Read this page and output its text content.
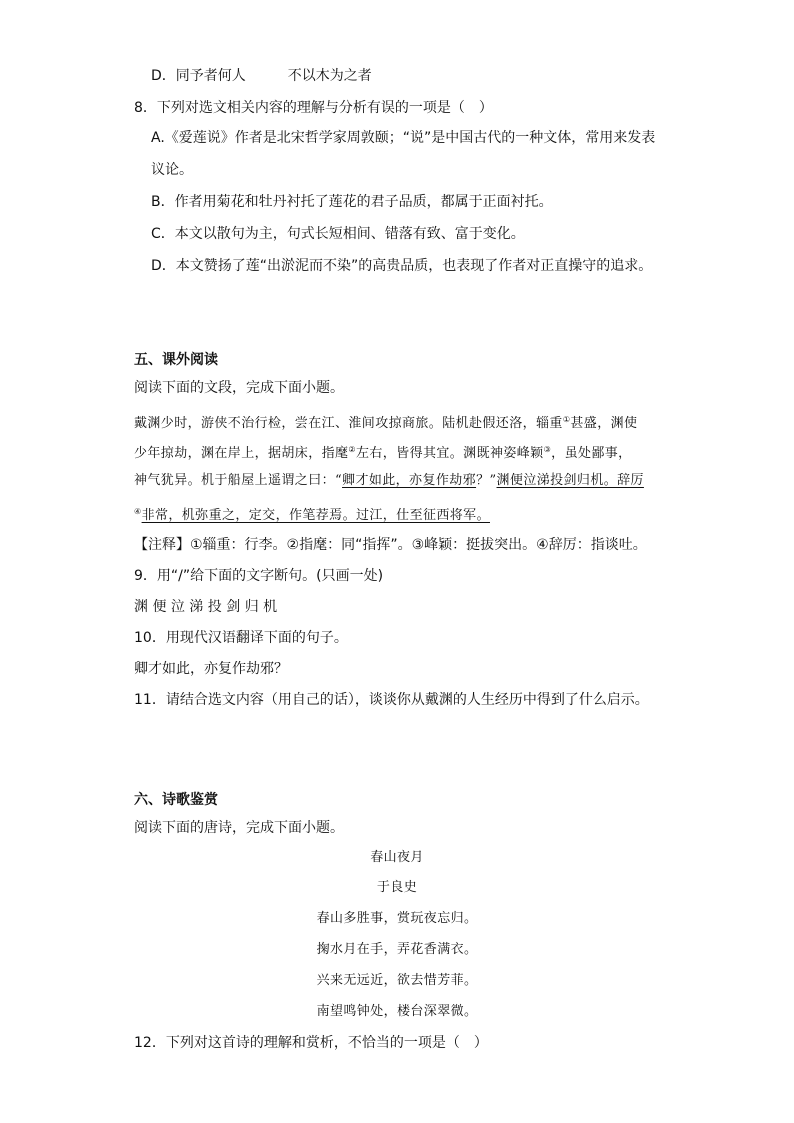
D．同予者何人	不以木为之者
8．下列对选文相关内容的理解与分析有误的一项是（　）
A.《爱莲说》作者是北宋哲学家周敦颐；“说”是中国古代的一种文体，常用来发表
议论。
B．作者用菊花和牡丹衬托了莲花的君子品质，都属于正面衬托。
C．本文以散句为主，句式长短相间、错落有致、富于变化。
D．本文赞扬了莲“出淤泥而不染”的高贵品质，也表现了作者对正直操守的追求。
五、课外阅读
阅读下面的文段，完成下面小题。
戴渊少时，游侠不治行检，尝在江、淮间攻掠商旅。陆机赴假还洛，辎重①甚盛，渊使
少年掠劫，渊在岸上，据胡床，指麾②左右，皆得其宜。渊既神姿峰颖③，虽处鄙事，
神气犹异。机于船屋上遥谓之曰：“卿才如此，亦复作劫邪？”渊便泣涕投剑归机。辞厉
④非常，机弥重之，定交，作笔荐焉。过江，仕至征西将军。
【注释】①辎重：行李。②指麾：同“指挥”。③峰颖：挺拔突出。④辞厉：指谈吐。
9．用“/”给下面的文字断句。(只画一处)
渊 便 泣 涕 投 剑 归 机
10．用现代汉语翻译下面的句子。
卿才如此，亦复作劫邪？
11．请结合选文内容（用自己的话），谈谈你从戴渊的人生经历中得到了什么启示。
六、诗歌鉴赏
阅读下面的唐诗，完成下面小题。
春山夜月
于良史
春山多胜事，赏玩夜忘归。
掬水月在手，弄花香满衣。
兴来无远近，欲去惜芳菲。
南望鸣钟处，楼台深翠微。
12．下列对这首诗的理解和赏析，不恰当的一项是（　）
